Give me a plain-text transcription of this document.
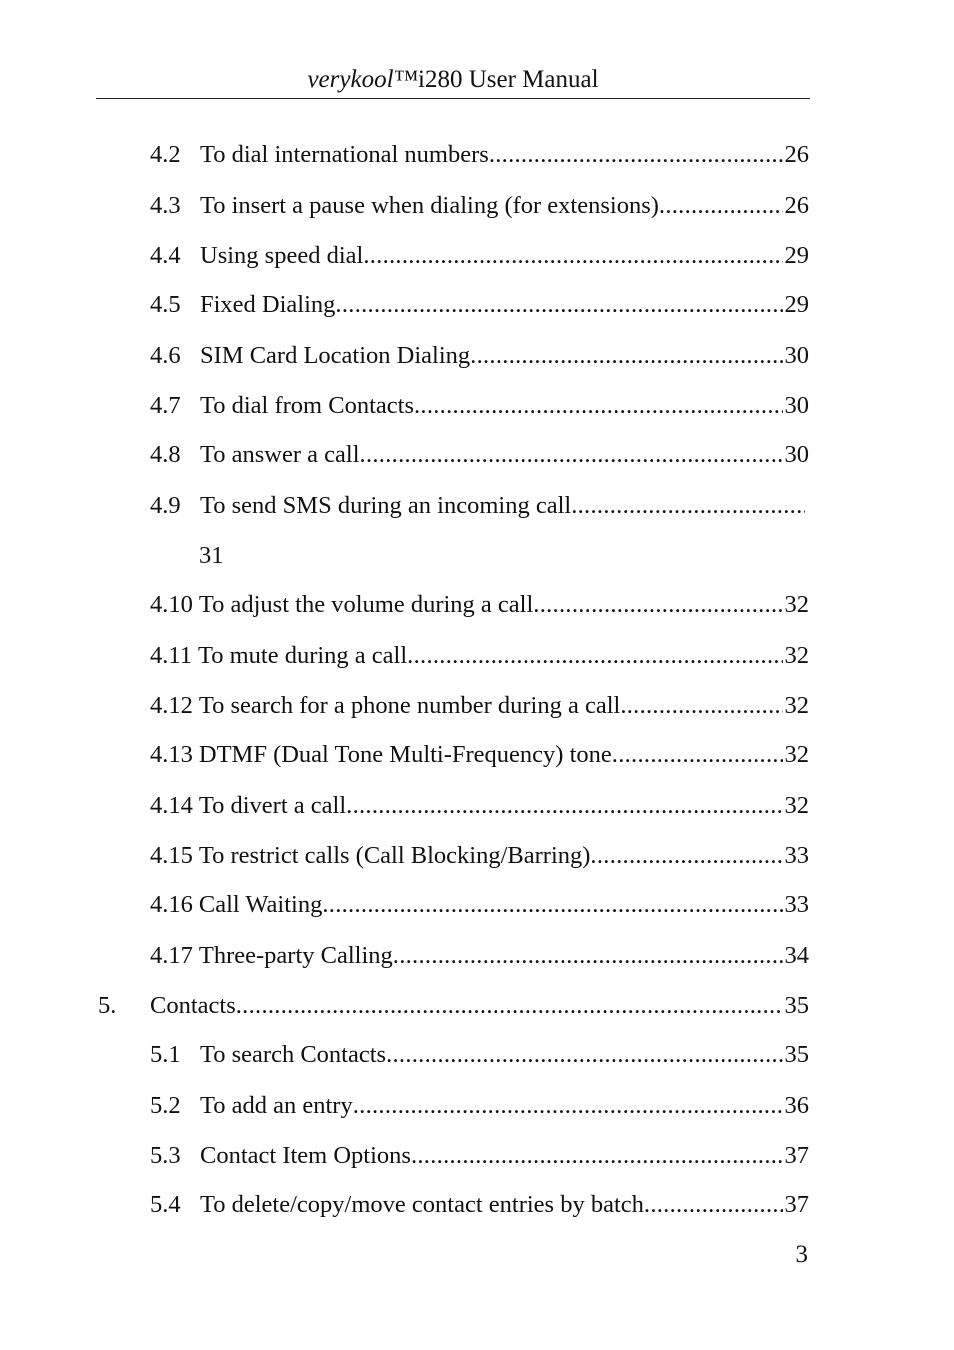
verykool™i280 User Manual
4.2 To dial international numbers .....	26
4.3 To insert a pause when dialing (for extensions) .....	26
4.4 Using speed dial .....	29
4.5 Fixed Dialing .....	29
4.6 SIM Card Location Dialing .....	30
4.7 To dial from Contacts .....	30
4.8 To answer a call .....	30
4.9 To send SMS during an incoming call
.....
31
4.10 To adjust the volume during a call .....	32
4.11 To mute during a call .....	32
4.12 To search for a phone number during a call .....	32
4.13 DTMF (Dual Tone Multi-Frequency) tone .....	32
4.14 To divert a call .....	32
4.15 To restrict calls (Call Blocking/Barring) .....	33
4.16 Call Waiting .....	33
4.17 Three-party Calling .....	34
5.	Contacts .....	35
5.1 To search Contacts .....	35
5.2 To add an entry .....	36
5.3 Contact Item Options .....	37
5.4 To delete/copy/move contact entries by batch .....	37
3
